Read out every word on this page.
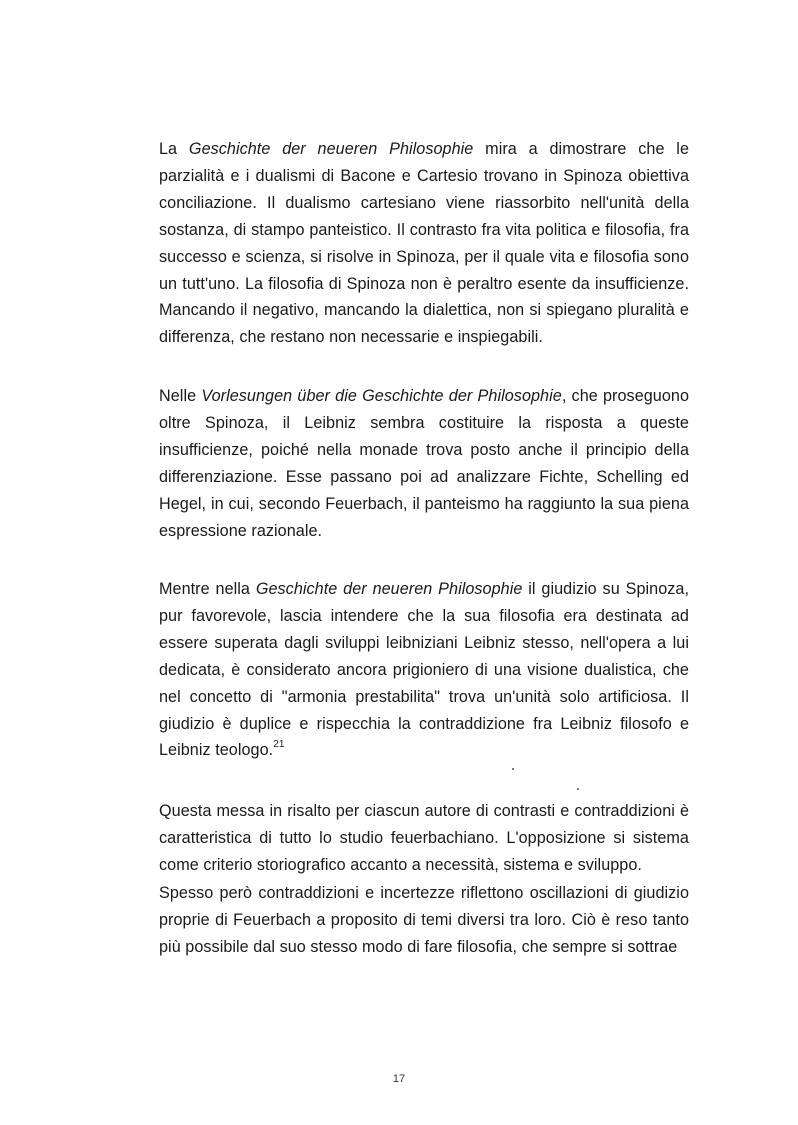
La Geschichte der neueren Philosophie mira a dimostrare che le parzialità e i dualismi di Bacone e Cartesio trovano in Spinoza obiettiva conciliazione. Il dualismo cartesiano viene riassorbito nell'unità della sostanza, di stampo panteistico. Il contrasto fra vita politica e filosofia, fra successo e scienza, si risolve in Spinoza, per il quale vita e filosofia sono un tutt'uno. La filosofia di Spinoza non è peraltro esente da insufficienze. Mancando il negativo, mancando la dialettica, non si spiegano pluralità e differenza, che restano non necessarie e inspiegabili.

Nelle Vorlesungen über die Geschichte der Philosophie, che proseguono oltre Spinoza, il Leibniz sembra costituire la risposta a queste insufficienze, poiché nella monade trova posto anche il principio della differenziazione. Esse passano poi ad analizzare Fichte, Schelling ed Hegel, in cui, secondo Feuerbach, il panteismo ha raggiunto la sua piena espressione razionale.

Mentre nella Geschichte der neueren Philosophie il giudizio su Spinoza, pur favorevole, lascia intendere che la sua filosofia era destinata ad essere superata dagli sviluppi leibniziani Leibniz stesso, nell'opera a lui dedicata, è considerato ancora prigioniero di una visione dualistica, che nel concetto di "armonia prestabilita" trova un'unità solo artificiosa. Il giudizio è duplice e rispecchia la contraddizione fra Leibniz filosofo e Leibniz teologo.$^{21}$

Questa messa in risalto per ciascun autore di contrasti e contraddizioni è caratteristica di tutto lo studio feuerbachiano. L'opposizione si sistema come criterio storiografico accanto a necessità, sistema e sviluppo.

Spesso però contraddizioni e incertezze riflettono oscillazioni di giudizio proprie di Feuerbach a proposito di temi diversi tra loro. Ciò è reso tanto più possibile dal suo stesso modo di fare filosofia, che sempre si sottrae

17
